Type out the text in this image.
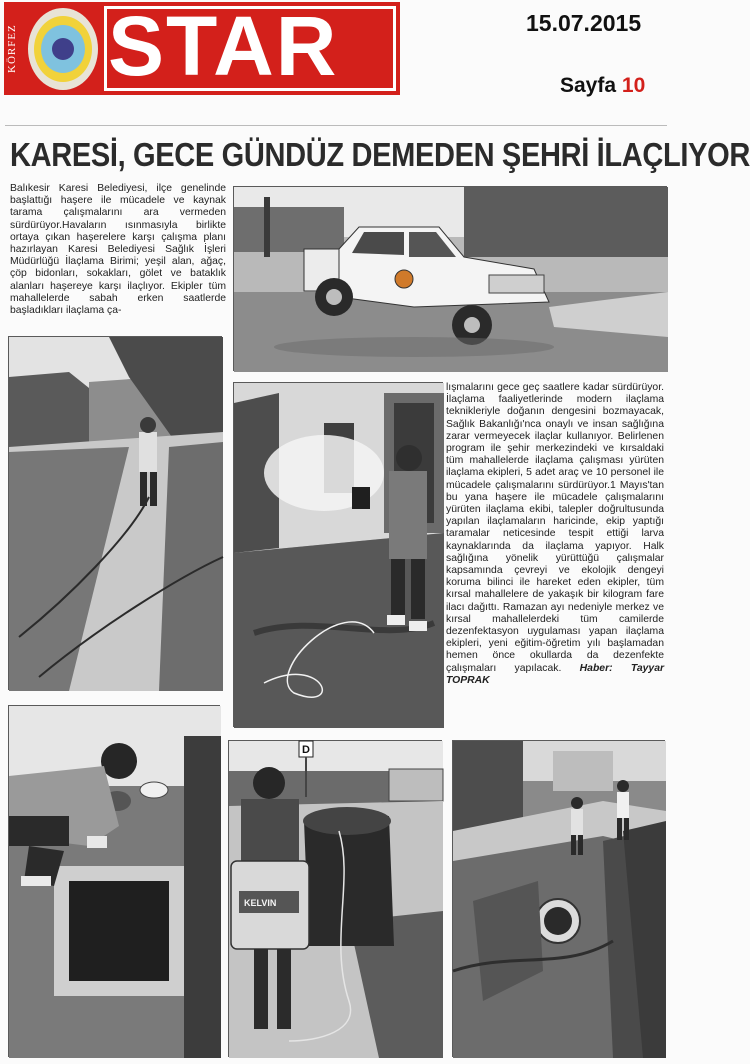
KÖRFEZ STAR	15.07.2015
Sayfa 10
KARESİ, GECE GÜNDÜZ DEMEDEN ŞEHRİ İLAÇLIYOR
Balıkesir Karesi Belediyesi, ilçe genelinde başlattığı haşere ile mücadele ve kaynak tarama çalışmalarını ara vermeden sürdürüyor.Havaların ısınmasıyla birlikte ortaya çıkan haşerelere karşı çalışma planı hazırlayan Karesi Belediyesi Sağlık İşleri Müdürlüğü İlaçlama Birimi; yeşil alan, ağaç, çöp bidonları, sokakları, gölet ve bataklık alanları haşereye karşı ilaçlıyor. Ekipler tüm mahallelerde sabah erken saatlerde başladıkları ilaçlama ça-
lışmalarını gece geç saatlere kadar sürdürüyor. İlaçlama faaliyetlerinde modern ilaçlama teknikleriyle doğanın dengesini bozmayacak, Sağlık Bakanlığı'nca onaylı ve insan sağlığına zarar vermeyecek ilaçlar kullanıyor. Belirlenen program ile şehir merkezindeki ve kırsaldaki tüm mahallelerde ilaçlama çalışması yürüten ilaçlama ekipleri, 5 adet araç ve 10 personel ile mücadele çalışmalarını sürdürüyor.1 Mayıs'tan bu yana haşere ile mücadele çalışmalarını yürüten ilaçlama ekibi, talepler doğrultusunda yapılan ilaçlamaların haricinde, ekip yaptığı taramalar neticesinde tespit ettiği larva kaynaklarında da ilaçlama yapıyor. Halk sağlığına yönelik yürüttüğü çalışmalar kapsamında çevreyi ve ekolojik dengeyi koruma bilinci ile hareket eden ekipler, tüm kırsal mahallelere de yakaşık bir kilogram fare ilacı dağıttı. Ramazan ayı nedeniyle merkez ve kırsal mahallelerdeki tüm camilerde dezenfektasyon uygulaması yapan ilaçlama ekipleri, yeni eğitim-öğretim yılı başlamadan hemen önce okullarda da dezenfekte çalışmaları yapılacak. Haber: Tayyar TOPRAK
D
KELVIN
